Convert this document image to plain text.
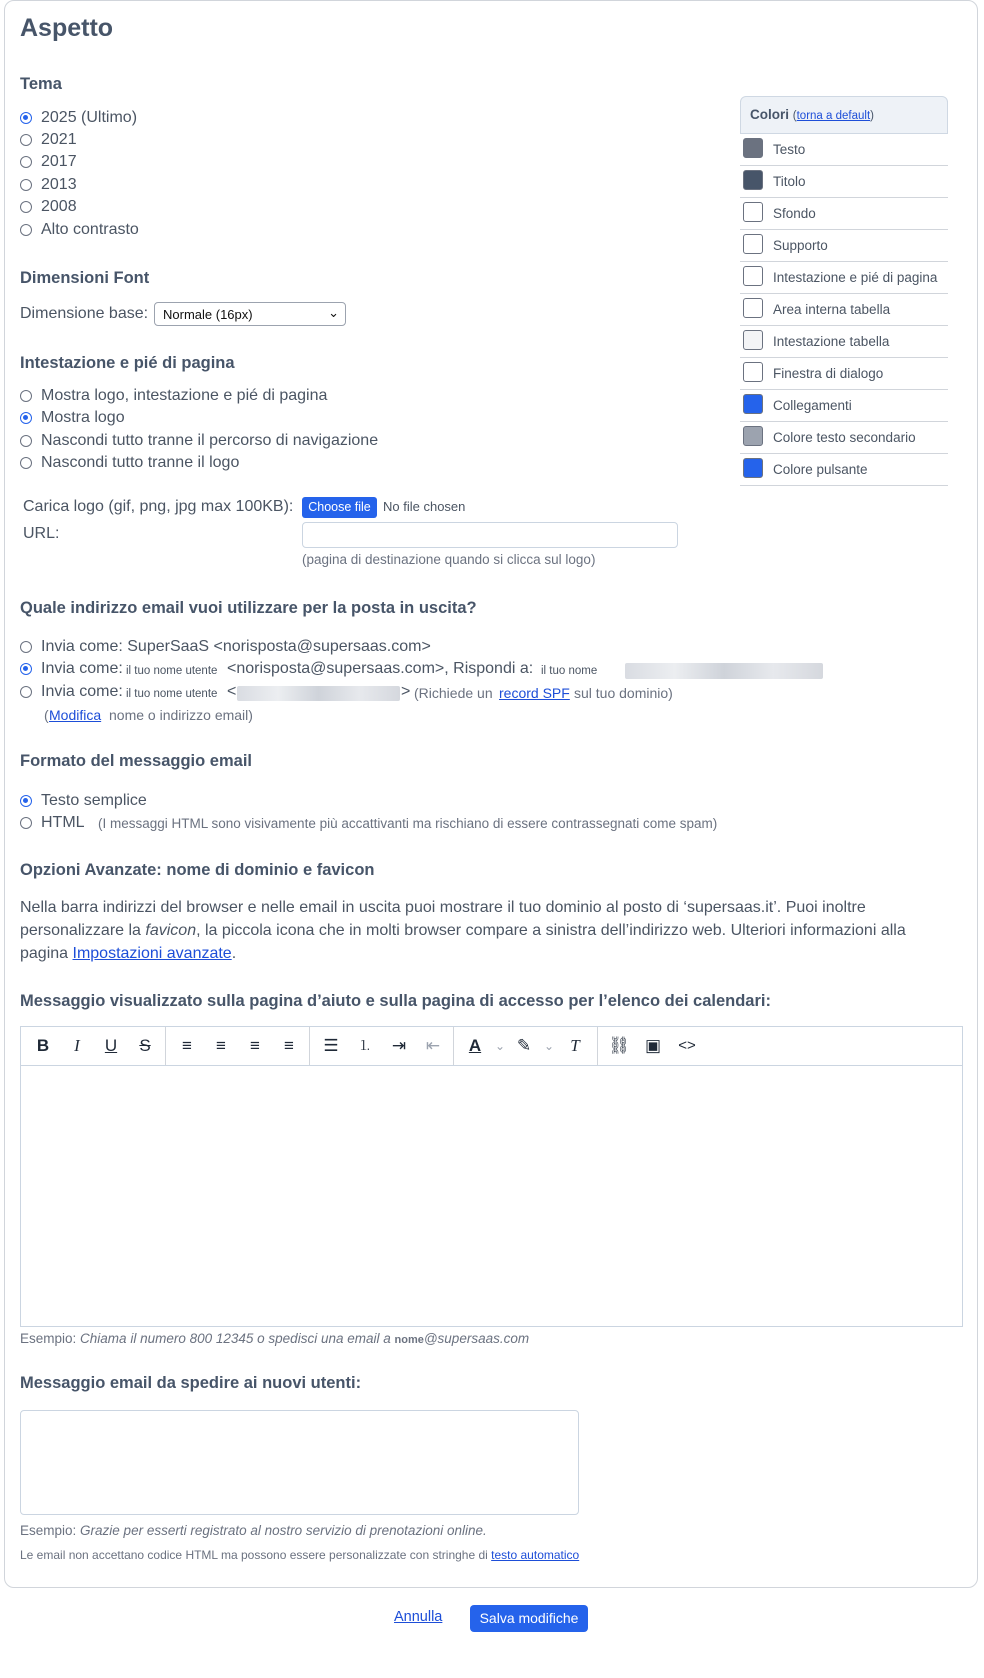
Aspetto
Tema
2025 (Ultimo)
2021
2017
2013
2008
Alto contrasto
Dimensioni Font
Dimensione base:	Normale (16px)	⌄
Intestazione e pié di pagina
Mostra logo, intestazione e pié di pagina
Mostra logo
Nascondi tutto tranne il percorso di navigazione
Nascondi tutto tranne il logo
Carica logo (gif, png, jpg max 100KB):	Choose file No file chosen
URL:
(pagina di destinazione quando si clicca sul logo)
Quale indirizzo email vuoi utilizzare per la posta in uscita?
Invia come: SuperSaaS <norisposta@supersaas.com>
Invia come: il tuo nome utente <norisposta@supersaas.com>, Rispondi a: il tuo nome
Invia come: il tuo nome utente <	> (Richiede un record SPF sul tuo dominio)
( Modifica nome o indirizzo email)
Formato del messaggio email
Testo semplice
HTML (I messaggi HTML sono visivamente più accattivanti ma rischiano di essere contrassegnati come spam)
Opzioni Avanzate: nome di dominio e favicon
Nella barra indirizzi del browser e nelle email in uscita puoi mostrare il tuo dominio al posto di ‘supersaas.it’. Puoi inoltre
personalizzare la favicon, la piccola icona che in molti browser compare a sinistra dell’indirizzo web. Ulteriori informazioni alla
pagina Impostazioni avanzate.
Messaggio visualizzato sulla pagina d’aiuto e sulla pagina di accesso per l’elenco dei calendari:
B	I	U	S	≡	≡	≡	≡	☰	⒈ ⇥ ⇤ A	⌄ ✎	⌄ T	⛓ ▣ <>
Esempio: Chiama il numero 800 12345 o spedisci una email a nome@supersaas.com
Messaggio email da spedire ai nuovi utenti:
Esempio: Grazie per esserti registrato al nostro servizio di prenotazioni online.
Le email non accettano codice HTML ma possono essere personalizzate con stringhe di testo automatico
Colori (torna a default)
Testo
Titolo
Sfondo
Supporto
Intestazione e pié di pagina
Area interna tabella
Intestazione tabella
Finestra di dialogo
Collegamenti
Colore testo secondario
Colore pulsante
Annulla	Salva modifiche
